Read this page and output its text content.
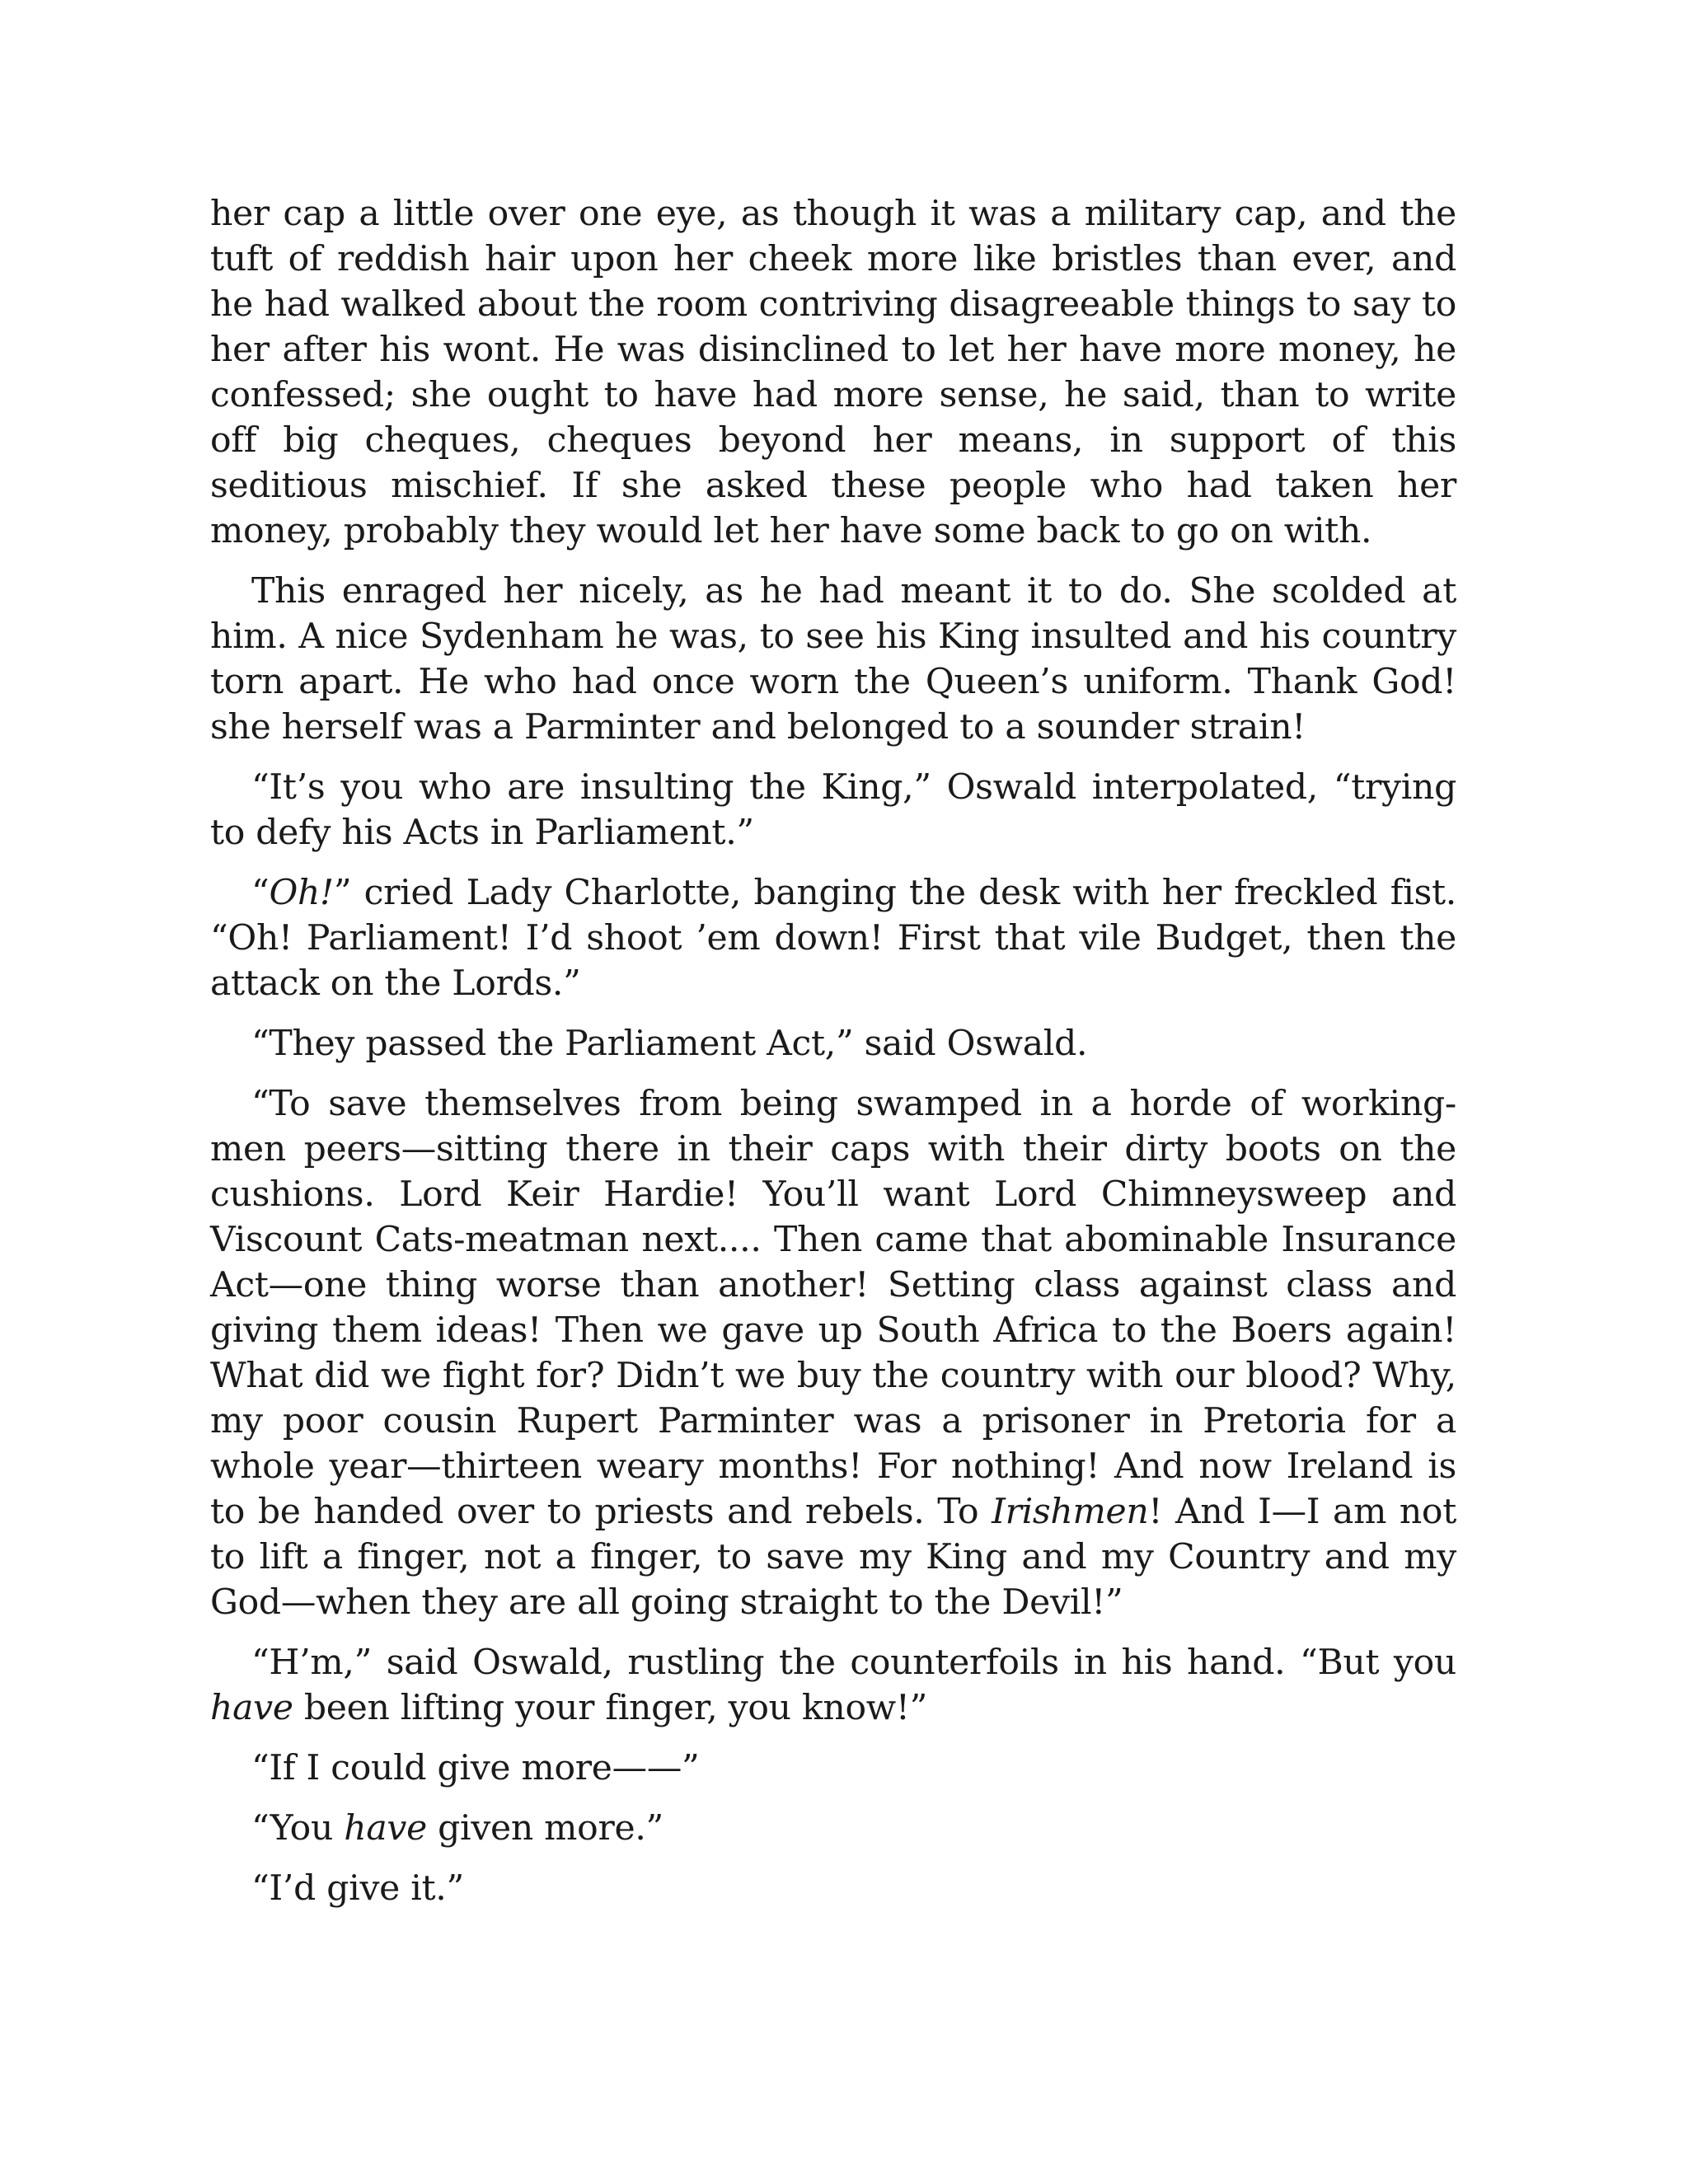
her cap a little over one eye, as though it was a military cap, and the tuft of reddish hair upon her cheek more like bristles than ever, and he had walked about the room contriving disagreeable things to say to her after his wont. He was disinclined to let her have more money, he confessed; she ought to have had more sense, he said, than to write off big cheques, cheques beyond her means, in support of this seditious mischief. If she asked these people who had taken her money, probably they would let her have some back to go on with.

This enraged her nicely, as he had meant it to do. She scolded at him. A nice Sydenham he was, to see his King insulted and his country torn apart. He who had once worn the Queen’s uniform. Thank God! she herself was a Parminter and belonged to a sounder strain!

“It’s you who are insulting the King,” Oswald interpolated, “trying to defy his Acts in Parliament.”

“Oh!” cried Lady Charlotte, banging the desk with her freckled fist. “Oh! Parliament! I’d shoot ’em down! First that vile Budget, then the attack on the Lords.”

“They passed the Parliament Act,” said Oswald.

“To save themselves from being swamped in a horde of working-men peers—sitting there in their caps with their dirty boots on the cushions. Lord Keir Hardie! You’ll want Lord Chimneysweep and Viscount Cats-meatman next.... Then came that abominable Insurance Act—one thing worse than another! Setting class against class and giving them ideas! Then we gave up South Africa to the Boers again! What did we fight for? Didn’t we buy the country with our blood? Why, my poor cousin Rupert Parminter was a prisoner in Pretoria for a whole year—thirteen weary months! For nothing! And now Ireland is to be handed over to priests and rebels. To Irishmen! And I—I am not to lift a finger, not a finger, to save my King and my Country and my God—when they are all going straight to the Devil!”

“H’m,” said Oswald, rustling the counterfoils in his hand. “But you have been lifting your finger, you know!”

“If I could give more——”

“You have given more.”

“I’d give it.”
